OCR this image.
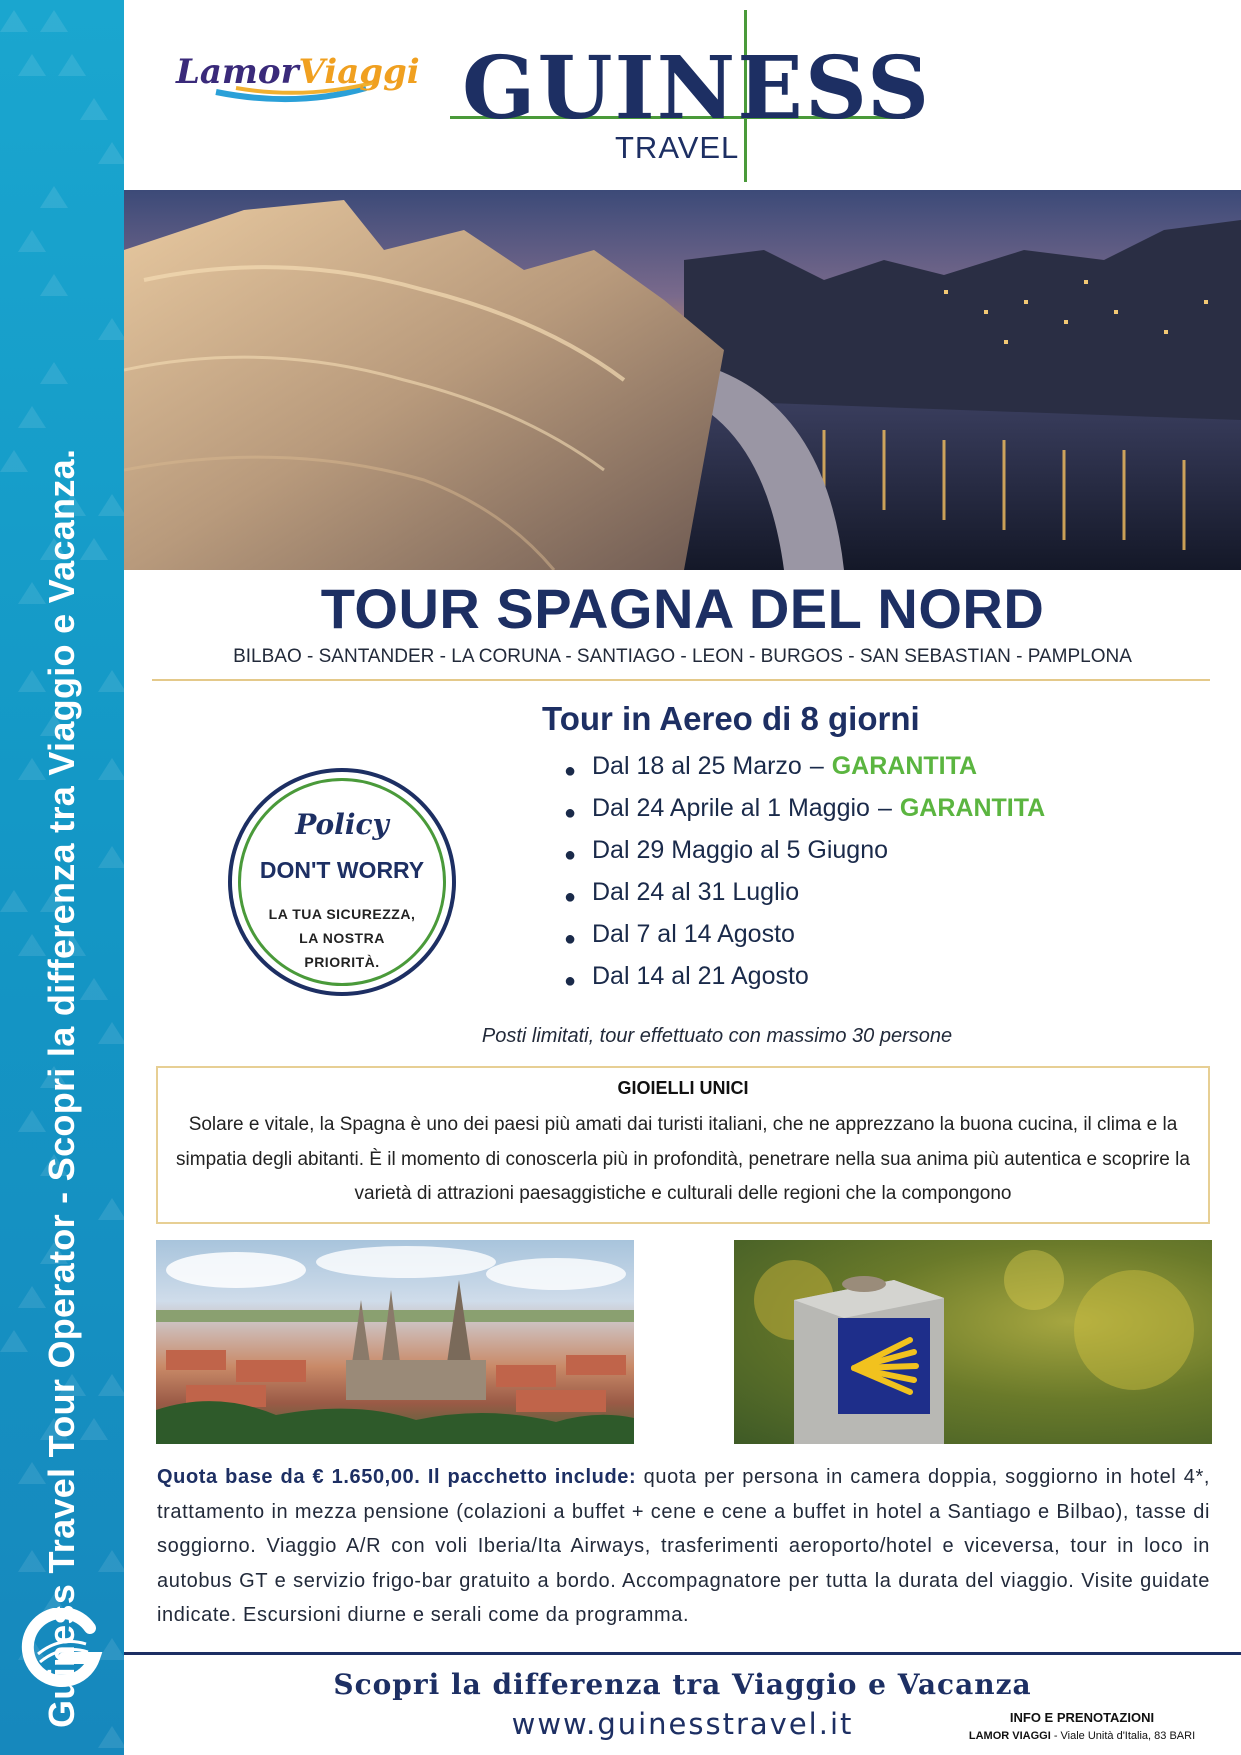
Guiness Travel Tour Operator - Scopri la differenza tra Viaggio e Vacanza.
LamorViaggi GUINESS
TRAVEL
TOUR SPAGNA DEL NORD
BILBAO - SANTANDER - LA CORUNA - SANTIAGO - LEON - BURGOS - SAN SEBASTIAN - PAMPLONA
Policy
DON'T WORRY
LA TUA SICUREZZA,
LA NOSTRA
PRIORITÀ.
Tour in Aereo di 8 giorni
● Dal 18 al 25 Marzo – GARANTITA
● Dal 24 Aprile al 1 Maggio – GARANTITA
● Dal 29 Maggio al 5 Giugno
● Dal 24 al 31 Luglio
● Dal 7 al 14 Agosto
● Dal 14 al 21 Agosto
Posti limitati, tour effettuato con massimo 30 persone
GIOIELLI UNICI
Solare e vitale, la Spagna è uno dei paesi più amati dai turisti italiani, che ne apprezzano la buona cucina, il clima e la simpatia degli abitanti. È il momento di conoscerla più in profondità, penetrare nella sua anima più autentica e scoprire la varietà di attrazioni paesaggistiche e culturali delle regioni che la compongono
Quota base da € 1.650,00. Il pacchetto include: quota per persona in camera doppia, soggiorno in hotel 4*, trattamento in mezza pensione (colazioni a buffet + cene e cene a buffet in hotel a Santiago e Bilbao), tasse di soggiorno. Viaggio A/R con voli Iberia/Ita Airways, trasferimenti aeroporto/hotel e viceversa, tour in loco in autobus GT e servizio frigo-bar gratuito a bordo. Accompagnatore per tutta la durata del viaggio. Visite guidate indicate. Escursioni diurne e serali come da programma.
Scopri la differenza tra Viaggio e Vacanza
www.guinesstravel.it	INFO E PRENOTAZIONI
LAMOR VIAGGI - Viale Unità d'Italia, 83 BARI
